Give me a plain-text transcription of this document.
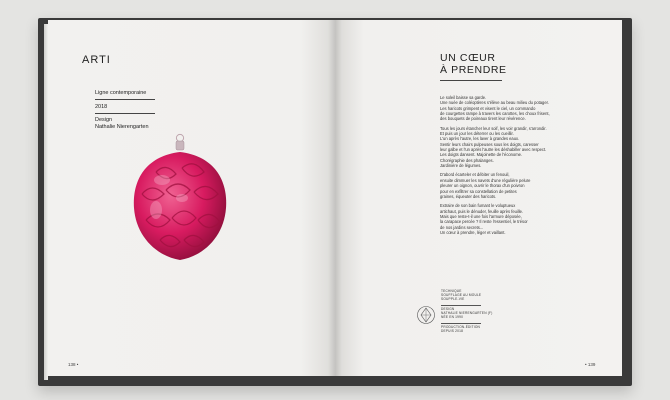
ARTI
Ligne contemporaine
2018
Design
Nathalie Nierengarten
138 •
UN CŒUR
À PRENDRE
Le soleil baisse sa garde.
Une nuée de coléoptères s'élève au beau milieu du potager.
Les haricots grimpent et visent le ciel, un commando
de courgettes rampe à travers les carottes, les choux frisent,
des bouquets de poireaux tirent leur révérence.
Tous les jours étancher leur soif, les voir grandir, s'arrondir.
Et puis un jour les déterrer ou les cueillir.
L'un après l'autre, les laver à grandes eaux.
Sentir leurs chairs pulpeuses sous les doigts, caresser
leur galbe et l'un après l'autre les déshabiller avec respect.
Les doigts dansent. Majoinette de l'économe.
Chorégraphie des phalanges.
Jardinière de légumes.
D'abord écarteler et débiter un fenouil,
ensuite dimmuer les navets d'une régulière pelure
pleurer un oignon, ouvrir le thorax d'un poivron
pour en exfiltrer sa constellation de petites
graines, équeuter des haricots.
Extraire de son bain fumant le voluptueux
artichaut, puis le dénuder, feuille après feuille.
Mais que reste-t-il une fois l'armure déposée,
la carapace percée ? Il reste l'essentiel, le trésor
de nos jardins secrets...
Un cœur à prendre, léger et vaillant.
TECHNIQUE
SOUFFLAGE AU MOULE
SOUPPLE-VIE
DESIGN
NATHALIE NIERENGARTEN (F)
NÉE EN 1990
PRODUCTION-ÉDITION
DEPUIS 2018
• 139
